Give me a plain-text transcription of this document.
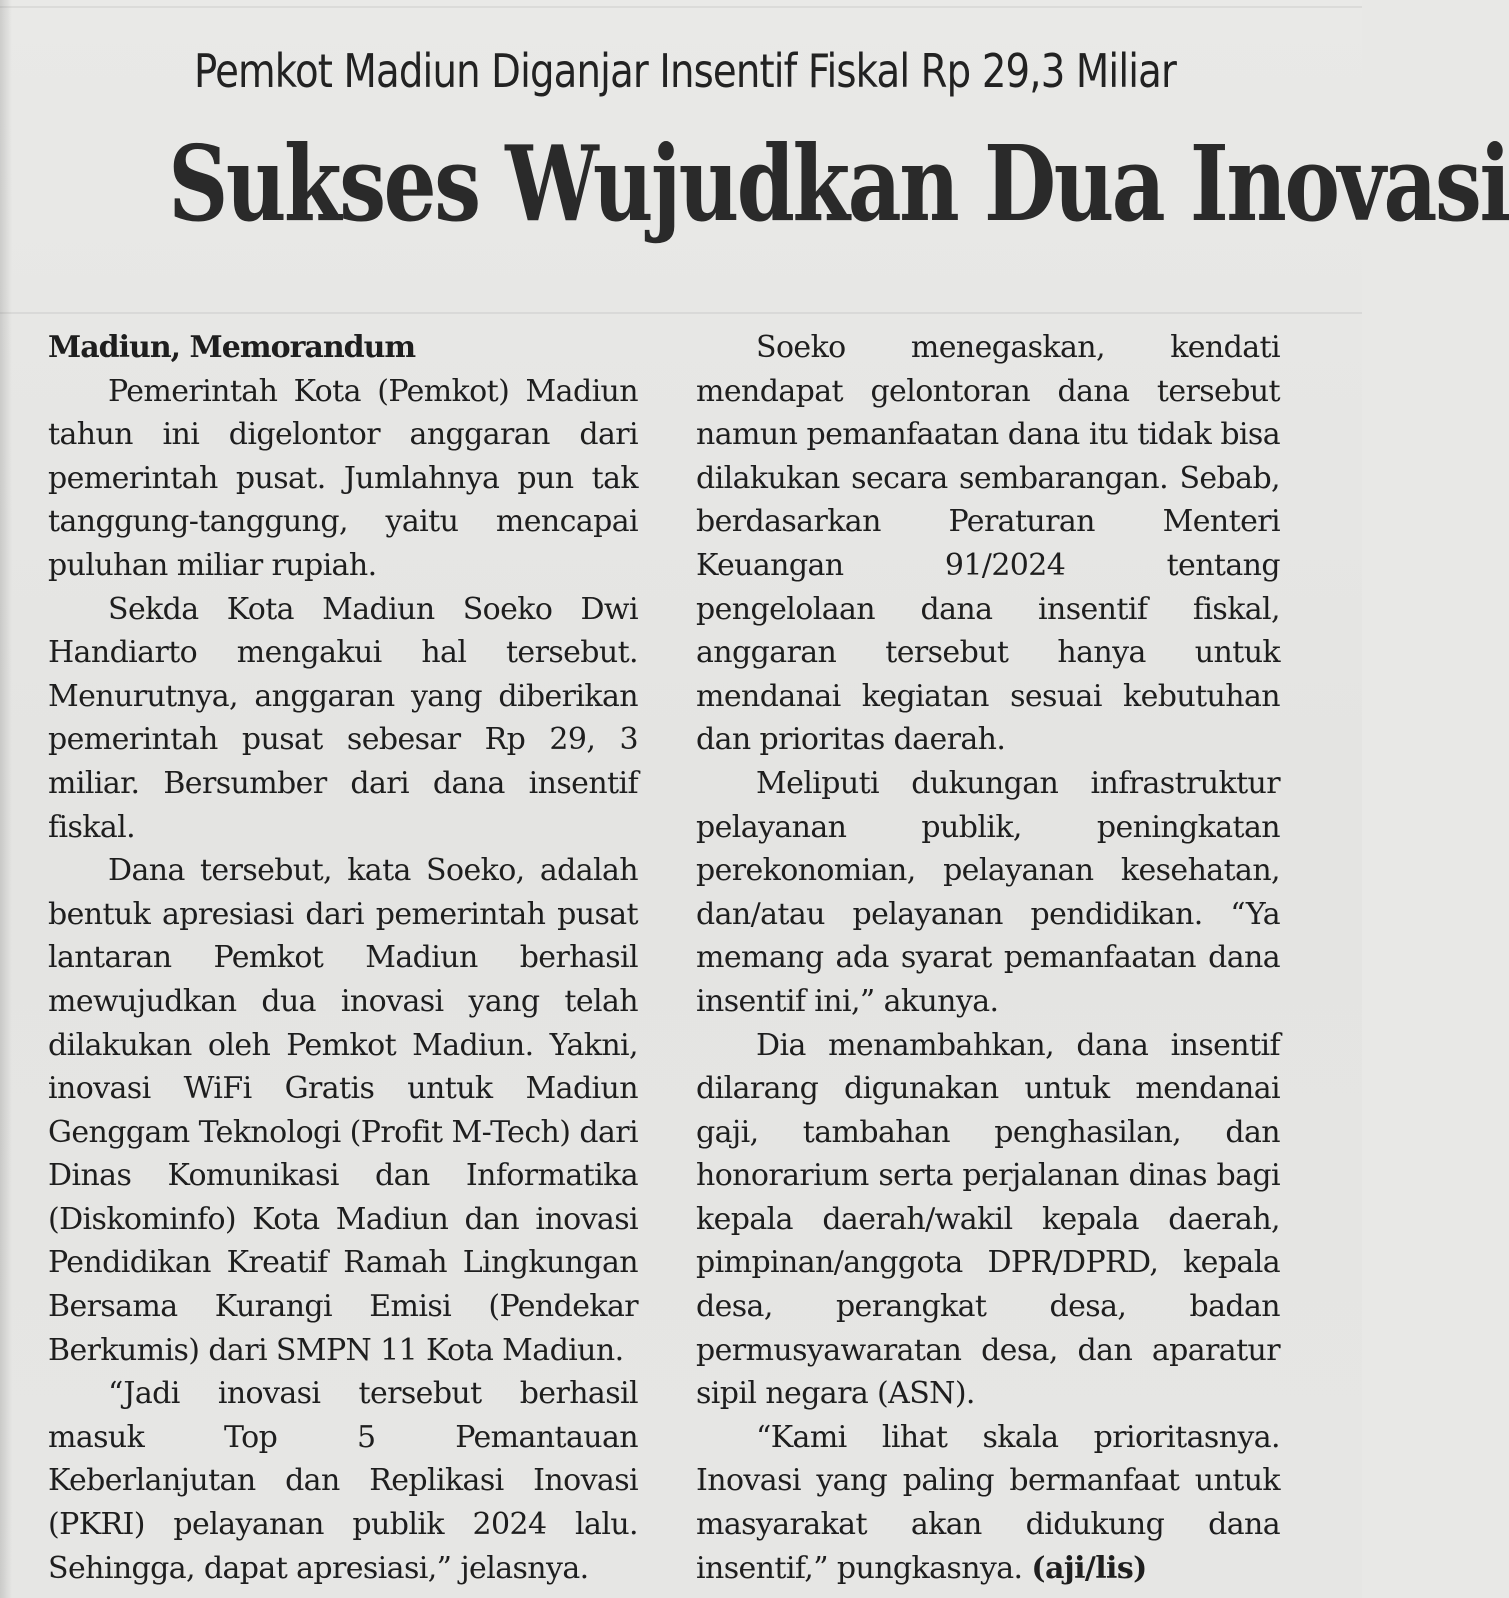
Pemkot Madiun Diganjar Insentif Fiskal Rp 29,3 Miliar
Sukses Wujudkan Dua Inovasi
Madiun, Memorandum

Pemerintah Kota (Pemkot) Madiun tahun ini digelontor anggaran dari pemerintah pusat. Jumlahnya pun tak tanggung-tanggung, yaitu mencapai puluhan miliar rupiah.

Sekda Kota Madiun Soeko Dwi Handiarto mengakui hal tersebut. Menurutnya, anggaran yang diberikan pemerintah pusat sebesar Rp 29, 3 miliar. Bersumber dari dana insentif fiskal.

Dana tersebut, kata Soeko, adalah bentuk apresiasi dari pemerintah pusat lantaran Pemkot Madiun berhasil mewujudkan dua inovasi yang telah dilakukan oleh Pemkot Madiun. Yakni, inovasi WiFi Gratis untuk Madiun Genggam Teknologi (Profit M-Tech) dari Dinas Komunikasi dan Informatika (Diskominfo) Kota Madiun dan inovasi Pendidikan Kreatif Ramah Lingkungan Bersama Kurangi Emisi (Pendekar Berkumis) dari SMPN 11 Kota Madiun.

“Jadi inovasi tersebut berhasil masuk Top 5 Pemantauan Keberlanjutan dan Replikasi Inovasi (PKRI) pelayanan publik 2024 lalu. Sehingga, dapat apresiasi,” jelasnya.

Soeko menegaskan, kendati mendapat gelontoran dana tersebut namun pemanfaatan dana itu tidak bisa dilakukan secara sembarangan. Sebab, berdasarkan Peraturan Menteri Keuangan 91/2024 tentang pengelolaan dana insentif fiskal, anggaran tersebut hanya untuk mendanai kegiatan sesuai kebutuhan dan prioritas daerah.

Meliputi dukungan infrastruktur pelayanan publik, peningkatan perekonomian, pelayanan kesehatan, dan/atau pelayanan pendidikan. “Ya memang ada syarat pemanfaatan dana insentif ini,” akunya.

Dia menambahkan, dana insentif dilarang digunakan untuk mendanai gaji, tambahan penghasilan, dan honorarium serta perjalanan dinas bagi kepala daerah/wakil kepala daerah, pimpinan/anggota DPR/DPRD, kepala desa, perangkat desa, badan permusyawaratan desa, dan aparatur sipil negara (ASN).

“Kami lihat skala prioritasnya. Inovasi yang paling bermanfaat untuk masyarakat akan didukung dana insentif,” pungkasnya. (aji/lis)
